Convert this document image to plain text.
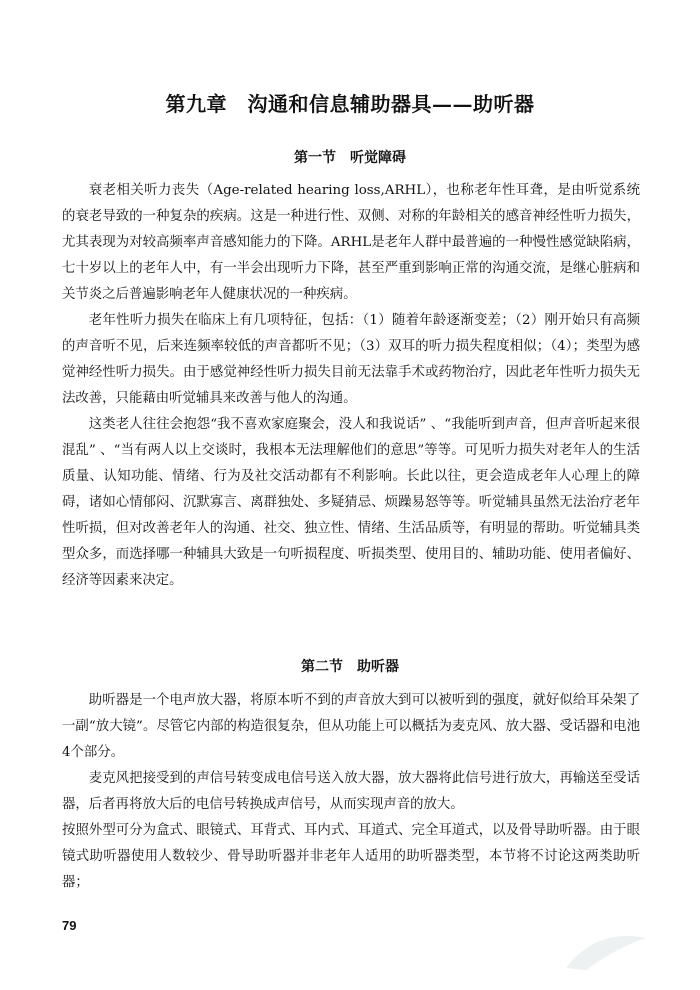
第九章　沟通和信息辅助器具——助听器
第一节　听觉障碍

衰老相关听力丧失（Age-related hearing loss,ARHL），也称老年性耳聋，是由听觉系统的衰老导致的一种复杂的疾病。这是一种进行性、双侧、对称的年龄相关的感音神经性听力损失，尤其表现为对较高频率声音感知能力的下降。ARHL是老年人群中最普遍的一种慢性感觉缺陷病，七十岁以上的老年人中，有一半会出现听力下降，甚至严重到影响正常的沟通交流，是继心脏病和关节炎之后普遍影响老年人健康状况的一种疾病。

老年性听力损失在临床上有几项特征，包括：（1）随着年龄逐渐变差；（2）刚开始只有高频的声音听不见，后来连频率较低的声音都听不见；（3）双耳的听力损失程度相似；（4）；类型为感觉神经性听力损失。由于感觉神经性听力损失目前无法靠手术或药物治疗，因此老年性听力损失无法改善，只能藉由听觉辅具来改善与他人的沟通。

这类老人往往会抱怨“我不喜欢家庭聚会，没人和我说话” 、“我能听到声音，但声音听起来很混乱” 、“当有两人以上交谈时，我根本无法理解他们的意思”等等。可见听力损失对老年人的生活质量、认知功能、情绪、行为及社交活动都有不利影响。长此以往，更会造成老年人心理上的障碍，诸如心情郁闷、沉默寡言、离群独处、多疑猜忌、烦躁易怒等等。听觉辅具虽然无法治疗老年性听损，但对改善老年人的沟通、社交、独立性、情绪、生活品质等，有明显的帮助。听觉辅具类型众多，而选择哪一种辅具大致是一句听损程度、听损类型、使用目的、辅助功能、使用者偏好、经济等因素来决定。

第二节　助听器

助听器是一个电声放大器，将原本听不到的声音放大到可以被听到的强度，就好似给耳朵架了一副“放大镜”。尽管它内部的构造很复杂，但从功能上可以概括为麦克风、放大器、受话器和电池4个部分。

麦克风把接受到的声信号转变成电信号送入放大器，放大器将此信号进行放大，再输送至受话器，后者再将放大后的电信号转换成声信号，从而实现声音的放大。

按照外型可分为盒式、眼镜式、耳背式、耳内式、耳道式、完全耳道式，以及骨导助听器。由于眼镜式助听器使用人数较少、骨导助听器并非老年人适用的助听器类型，本节将不讨论这两类助听器；

79
